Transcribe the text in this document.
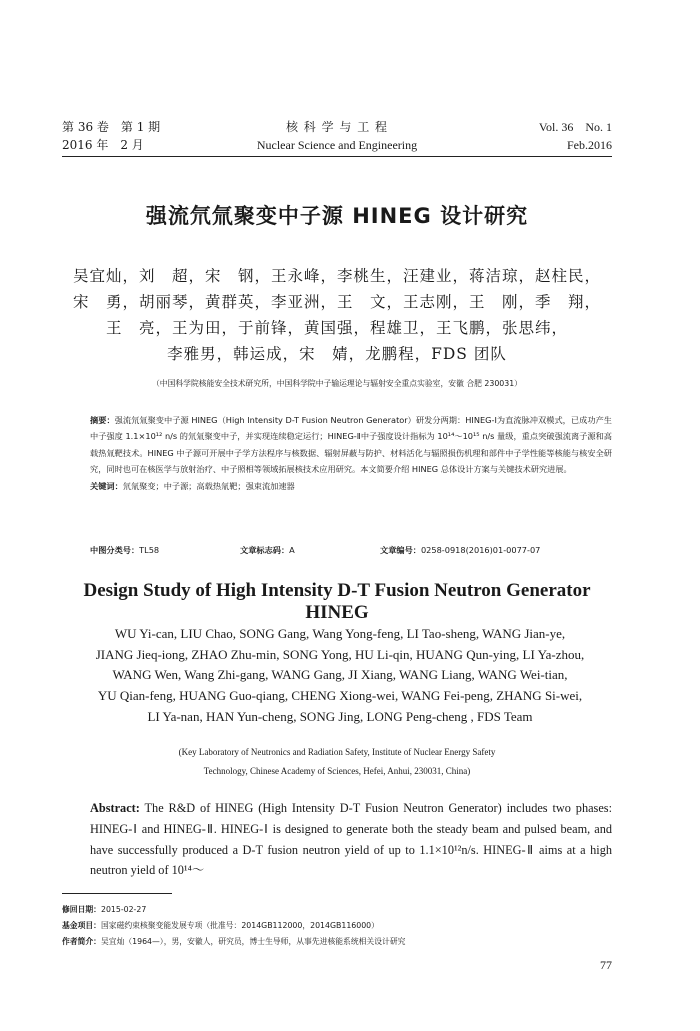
第 36 卷　第 1 期
2016 年　2 月
核 科 学 与 工 程
Nuclear Science and Engineering
Vol. 36　No. 1
Feb.2016
强流氘氚聚变中子源 HINEG 设计研究
吴宜灿，刘　超，宋　钢，王永峰，李桃生，汪建业，蒋洁琼，赵柱民，
宋　勇，胡丽琴，黄群英，李亚洲，王　文，王志刚，王　刚，季　翔，
王　亮，王为田，于前锋，黄国强，程雄卫，王飞鹏，张思纬，
李雅男，韩运成，宋　婧，龙鹏程，FDS 团队
（中国科学院核能安全技术研究所，中国科学院中子输运理论与辐射安全重点实验室，安徽 合肥 230031）
摘要：强流氘氚聚变中子源 HINEG（High Intensity D-T Fusion Neutron Generator）研发分两期：HINEG-Ⅰ为直流脉冲双模式，已成功产生中子强度 1.1×10¹² n/s 的氘氚聚变中子，并实现连续稳定运行；HINEG-Ⅱ中子强度设计指标为 10¹⁴～10¹⁵ n/s 量级，重点突破强流离子源和高载热氚靶技术。HINEG 中子源可开展中子学方法程序与核数据、辐射屏蔽与防护、材料活化与辐照损伤机理和部件中子学性能等核能与核安全研究，同时也可在核医学与放射治疗、中子照相等领域拓展核技术应用研究。本文简要介绍 HINEG 总体设计方案与关键技术研究进展。
关键词：氘氚聚变；中子源；高载热氚靶；强束流加速器
中图分类号：TL58	文章标志码：A	文章编号：0258-0918(2016)01-0077-07
Design Study of High Intensity D-T Fusion Neutron Generator HINEG
WU Yi-can, LIU Chao, SONG Gang, Wang Yong-feng, LI Tao-sheng, WANG Jian-ye,
JIANG Jieq-iong, ZHAO Zhu-min, SONG Yong, HU Li-qin, HUANG Qun-ying, LI Ya-zhou,
WANG Wen, Wang Zhi-gang, WANG Gang, JI Xiang, WANG Liang, WANG Wei-tian,
YU Qian-feng, HUANG Guo-qiang, CHENG Xiong-wei, WANG Fei-peng, ZHANG Si-wei,
LI Ya-nan, HAN Yun-cheng, SONG Jing, LONG Peng-cheng , FDS Team
(Key Laboratory of Neutronics and Radiation Safety, Institute of Nuclear Energy Safety
Technology, Chinese Academy of Sciences, Hefei, Anhui, 230031, China)
Abstract: The R&D of HINEG (High Intensity D-T Fusion Neutron Generator) includes two phases: HINEG-Ⅰ and HINEG-Ⅱ. HINEG-Ⅰ is designed to generate both the steady beam and pulsed beam, and have successfully produced a D-T fusion neutron yield of up to 1.1×10¹²n/s. HINEG-Ⅱ aims at a high neutron yield of 10¹⁴～
修回日期：2015-02-27
基金项目：国家磁约束核聚变能发展专项（批准号：2014GB112000，2014GB116000）
作者简介：吴宜灿（1964—），男，安徽人，研究员，博士生导师，从事先进核能系统相关设计研究
77
